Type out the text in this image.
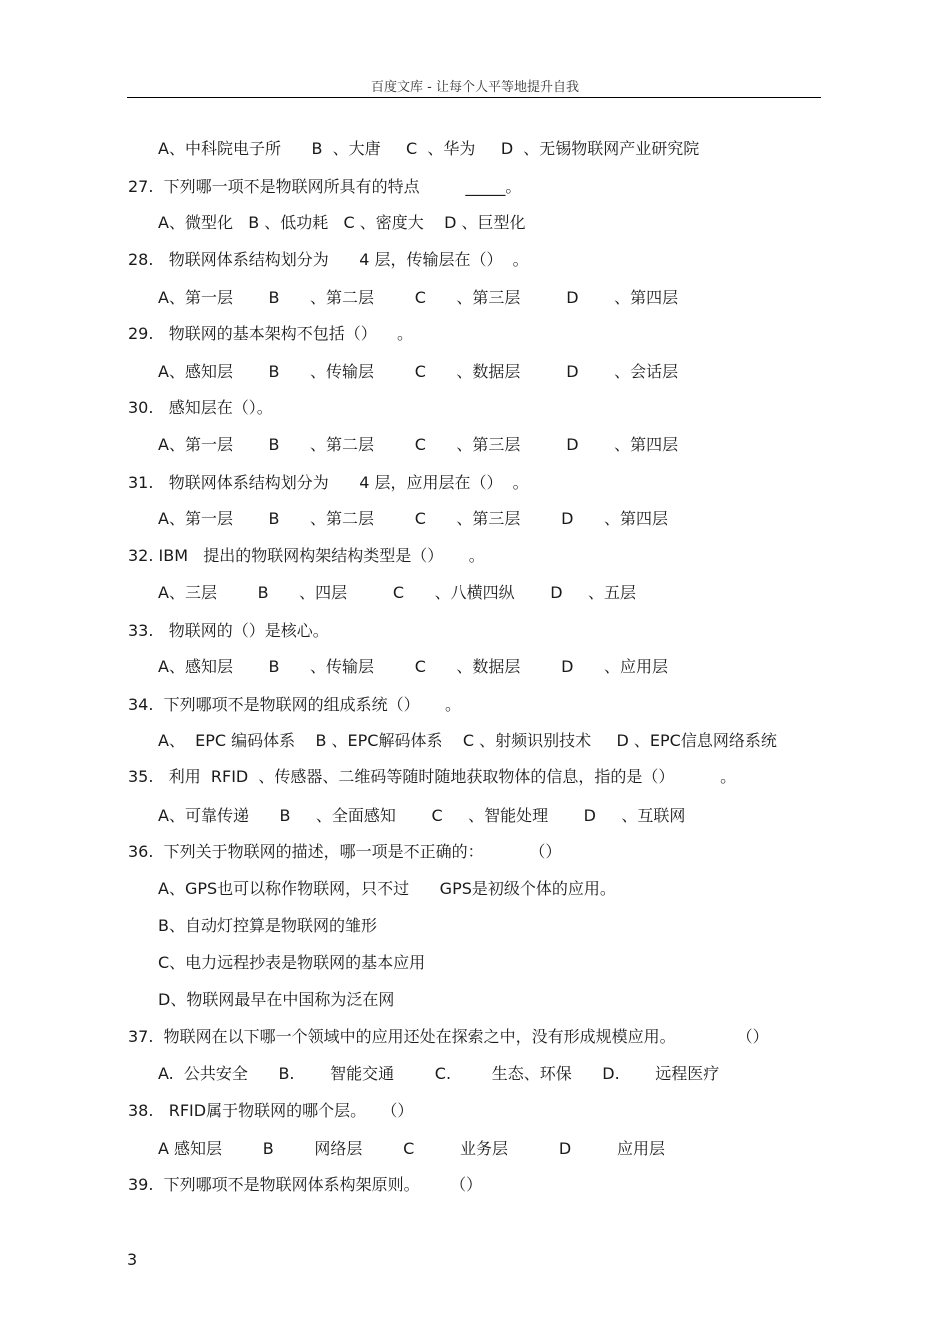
百度文库 - 让每个人平等地提升自我
A、中科院电子所      B  、大唐     C  、华为     D  、无锡物联网产业研究院
27.  下列哪一项不是物联网所具有的特点         _____。
A、微型化   B 、低功耗   C 、密度大    D 、巨型化
28.   物联网体系结构划分为      4 层，传输层在（）  。
A、第一层       B      、第二层        C      、第三层         D       、第四层
29.   物联网的基本架构不包括（）    。
A、感知层       B      、传输层        C      、数据层         D       、会话层
30.   感知层在（）。
A、第一层       B      、第二层        C      、第三层         D       、第四层
31.   物联网体系结构划分为      4 层，应用层在（）  。
A、第一层       B      、第二层        C      、第三层        D      、第四层
32. IBM   提出的物联网构架结构类型是（）     。
A、三层        B      、四层         C      、八横四纵       D     、五层
33.   物联网的（）是核心。
A、感知层       B      、传输层        C      、数据层        D      、应用层
34.  下列哪项不是物联网的组成系统（）     。
A、  EPC 编码体系    B 、EPC解码体系    C 、射频识别技术     D 、EPC信息网络系统
35.   利用  RFID  、传感器、二维码等随时随地获取物体的信息，指的是（）         。
A、可靠传递      B     、全面感知       C     、智能处理       D     、互联网
36.  下列关于物联网的描述，哪一项是不正确的：         （）
A、GPS也可以称作物联网，只不过      GPS是初级个体的应用。
B、自动灯控算是物联网的雏形
C、电力远程抄表是物联网的基本应用
D、物联网最早在中国称为泛在网
37.  物联网在以下哪一个领域中的应用还处在探索之中，没有形成规模应用。            （）
A.  公共安全      B.       智能交通        C.        生态、环保      D.       远程医疗
38.   RFID属于物联网的哪个层。   （）
A 感知层        B        网络层        C         业务层          D         应用层
39.  下列哪项不是物联网体系构架原则。      （）
3
